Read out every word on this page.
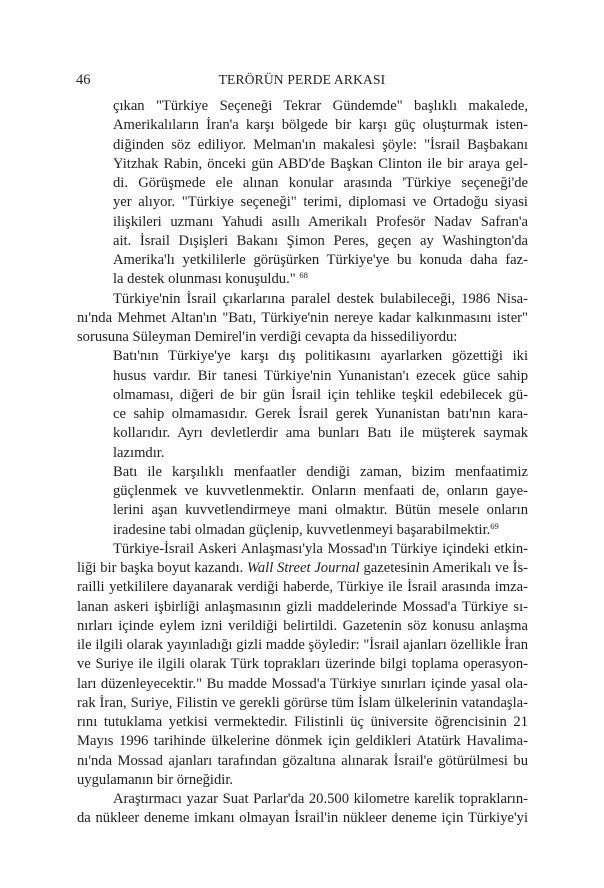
46	TERÖRÜN PERDE ARKASI
çıkan "Türkiye Seçeneği Tekrar Gündemde" başlıklı makalede,
Amerikalıların İran'a karşı bölgede bir karşı güç oluşturmak isten-
diğinden söz ediliyor. Melman'ın makalesi şöyle: "İsrail Başbakanı
Yitzhak Rabin, önceki gün ABD'de Başkan Clinton ile bir araya gel-
di. Görüşmede ele alınan konular arasında 'Türkiye seçeneği'de
yer alıyor. "Türkiye seçeneği" terimi, diplomasi ve Ortadoğu siyasi
ilişkileri uzmanı Yahudi asıllı Amerikalı Profesör Nadav Safran'a
ait. İsrail Dışişleri Bakanı Şimon Peres, geçen ay Washington'da
Amerika'lı yetkililerle görüşürken Türkiye'ye bu konuda daha faz-
la destek olunması konuşuldu." $^{68}$
Türkiye'nin İsrail çıkarlarına paralel destek bulabileceği, 1986 Nisa-
nı'nda Mehmet Altan'ın "Batı, Türkiye'nin nereye kadar kalkınmasını ister"
sorusuna Süleyman Demirel'in verdiği cevapta da hissediliyordu:
Batı'nın Türkiye'ye karşı dış politikasını ayarlarken gözettiği iki
husus vardır. Bir tanesi Türkiye'nin Yunanistan'ı ezecek güce sahip
olmaması, diğeri de bir gün İsrail için tehlike teşkil edebilecek gü-
ce sahip olmamasıdır. Gerek İsrail gerek Yunanistan batı'nın kara-
kollarıdır. Ayrı devletlerdir ama bunları Batı ile müşterek saymak
lazımdır.
Batı ile karşılıklı menfaatler dendiği zaman, bizim menfaatimiz
güçlenmek ve kuvvetlenmektir. Onların menfaati de, onların gaye-
lerini aşan kuvvetlendirmeye mani olmaktır. Bütün mesele onların
iradesine tabi olmadan güçlenip, kuvvetlenmeyi başarabilmektir.$^{69}$
Türkiye-İsrail Askeri Anlaşması'yla Mossad'ın Türkiye içindeki etkin-
liği bir başka boyut kazandı. Wall Street Journal gazetesinin Amerikalı ve İs-
railli yetkililere dayanarak verdiği haberde, Türkiye ile İsrail arasında imza-
lanan askeri işbirliği anlaşmasının gizli maddelerinde Mossad'a Türkiye sı-
nırları içinde eylem izni verildiği belirtildi. Gazetenin söz konusu anlaşma
ile ilgili olarak yayınladığı gizli madde şöyledir: "İsrail ajanları özellikle İran
ve Suriye ile ilgili olarak Türk toprakları üzerinde bilgi toplama operasyon-
ları düzenleyecektir." Bu madde Mossad'a Türkiye sınırları içinde yasal ola-
rak İran, Suriye, Filistin ve gerekli görürse tüm İslam ülkelerinin vatandaşla-
rını tutuklama yetkisi vermektedir. Filistinli üç üniversite öğrencisinin 21
Mayıs 1996 tarihinde ülkelerine dönmek için geldikleri Atatürk Havalima-
nı'nda Mossad ajanları tarafından gözaltına alınarak İsrail'e götürülmesi bu
uygulamanın bir örneğidir.
Araştırmacı yazar Suat Parlar'da 20.500 kilometre karelik toprakların-
da nükleer deneme imkanı olmayan İsrail'in nükleer deneme için Türkiye'yi
